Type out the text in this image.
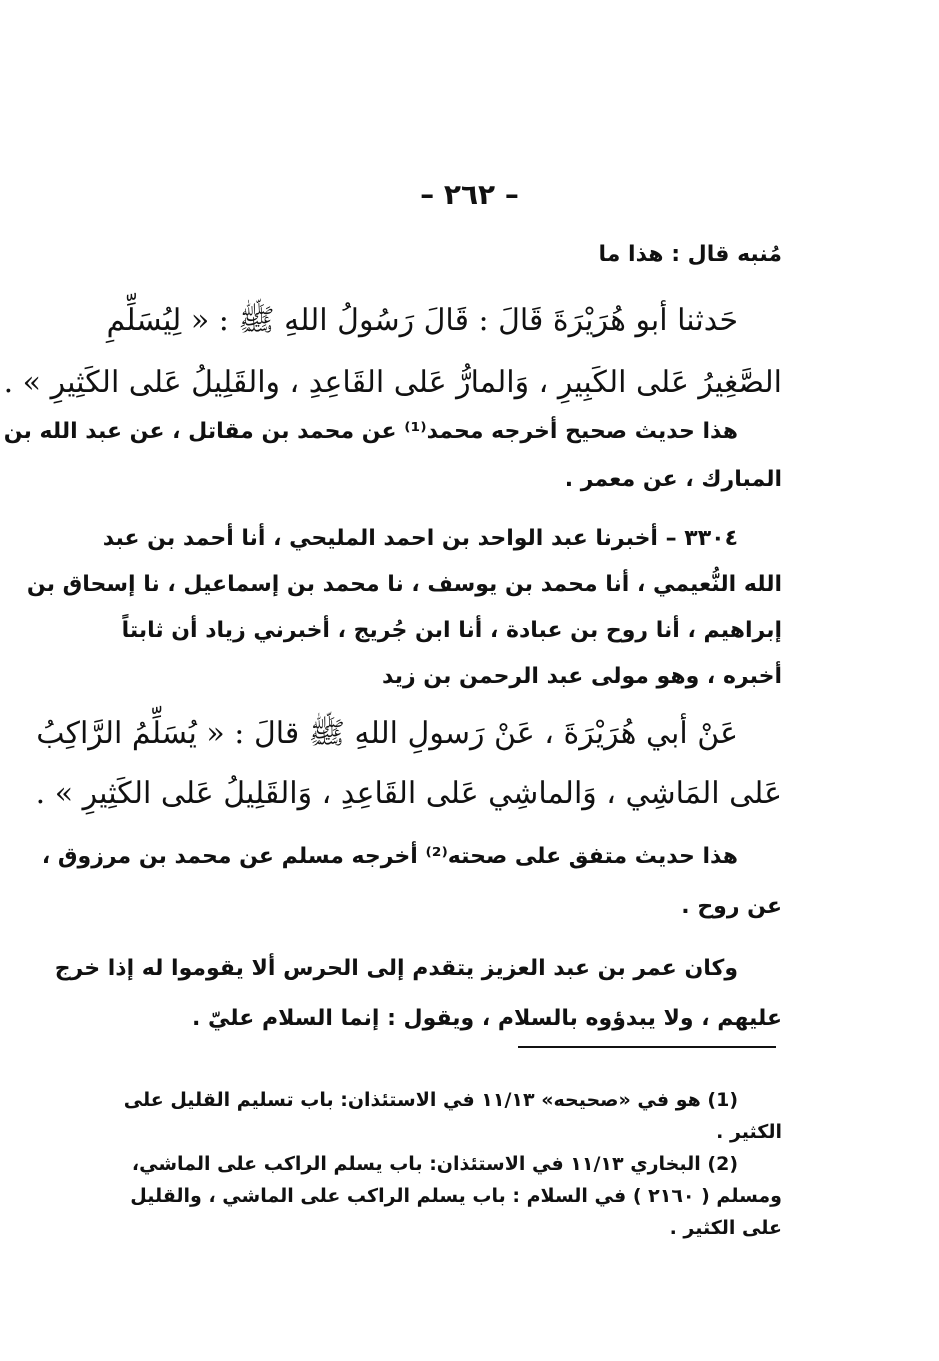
– ٢٦٢ –
مُنبه قال : هذا ما
حَدثنا أبو هُرَيْرَةَ قَالَ : قَالَ رَسُولُ اللهِ ﷺ : « لِيُسَلِّمِ
الصَّغِيرُ عَلى الكَبِيرِ ، وَالمارُّ عَلى القَاعِدِ ، والقَلِيلُ عَلى الكَثِيرِ » .
هذا حديث صحيح أخرجه محمد⁽¹⁾ عن محمد بن مقاتل ، عن عبد الله بن
المبارك ، عن معمر .
٣٣٠٤ – أخبرنا عبد الواحد بن احمد المليحي ، أنا أحمد بن عبد
الله النُّعيمي ، أنا محمد بن يوسف ، نا محمد بن إسماعيل ، نا إسحاق بن
إبراهيم ، أنا روح بن عبادة ، أنا ابن جُريج ، أخبرني زياد أن ثابتاً
أخبره ، وهو مولى عبد الرحمن بن زيد
عَنْ أبي هُرَيْرَةَ ، عَنْ رَسولِ اللهِ ﷺ قالَ : « يُسَلِّمُ الرَّاكِبُ
عَلى المَاشِي ، وَالماشِي عَلى القَاعِدِ ، وَالقَلِيلُ عَلى الكَثِيرِ » .
هذا حديث متفق على صحته⁽²⁾ أخرجه مسلم عن محمد بن مرزوق ،
عن روح .
وكان عمر بن عبد العزيز يتقدم إلى الحرس ألا يقوموا له إذا خرج
عليهم ، ولا يبدؤوه بالسلام ، ويقول : إنما السلام عليّ .
(1) هو في «صحيحه» ١١/١٣ في الاستئذان: باب تسليم القليل على
الكثير .
(2) البخاري ١١/١٣ في الاستئذان: باب يسلم الراكب على الماشي،
ومسلم ( ٢١٦٠ ) في السلام : باب يسلم الراكب على الماشي ، والقليل
على الكثير .
